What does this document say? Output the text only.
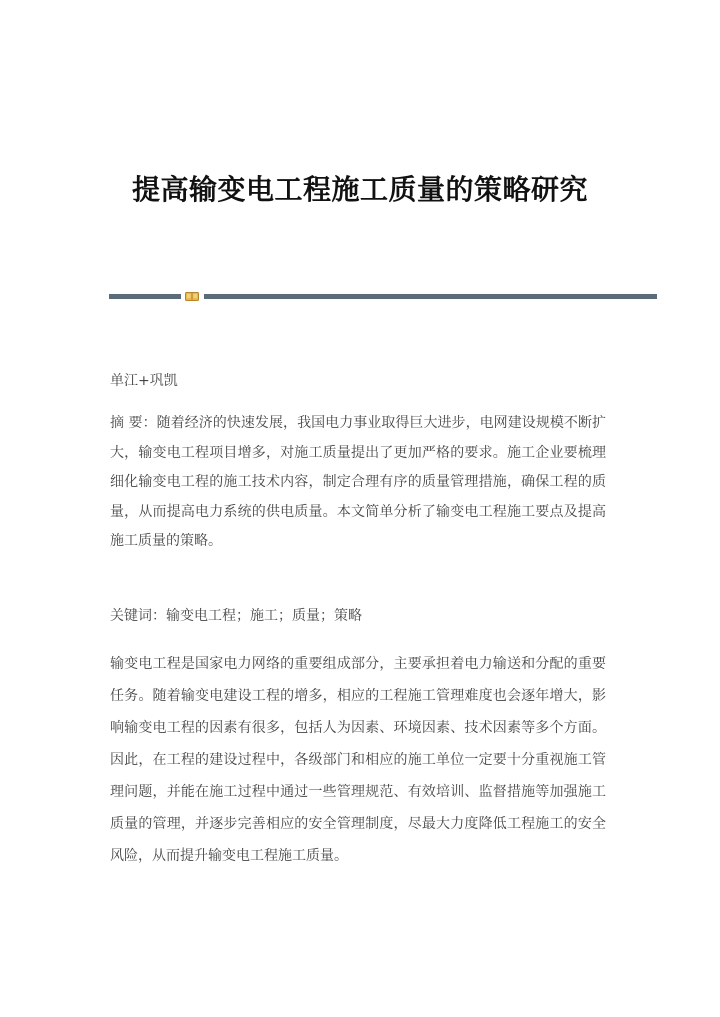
提高输变电工程施工质量的策略研究
单江+巩凯
摘 要：随着经济的快速发展，我国电力事业取得巨大进步，电网建设规模不断扩大，输变电工程项目增多，对施工质量提出了更加严格的要求。施工企业要梳理细化输变电工程的施工技术内容，制定合理有序的质量管理措施，确保工程的质量，从而提高电力系统的供电质量。本文简单分析了输变电工程施工要点及提高施工质量的策略。
关键词：输变电工程；施工；质量；策略
输变电工程是国家电力网络的重要组成部分，主要承担着电力输送和分配的重要任务。随着输变电建设工程的增多，相应的工程施工管理难度也会逐年增大，影响输变电工程的因素有很多，包括人为因素、环境因素、技术因素等多个方面。因此，在工程的建设过程中，各级部门和相应的施工单位一定要十分重视施工管理问题，并能在施工过程中通过一些管理规范、有效培训、监督措施等加强施工质量的管理，并逐步完善相应的安全管理制度，尽最大力度降低工程施工的安全风险，从而提升输变电工程施工质量。
